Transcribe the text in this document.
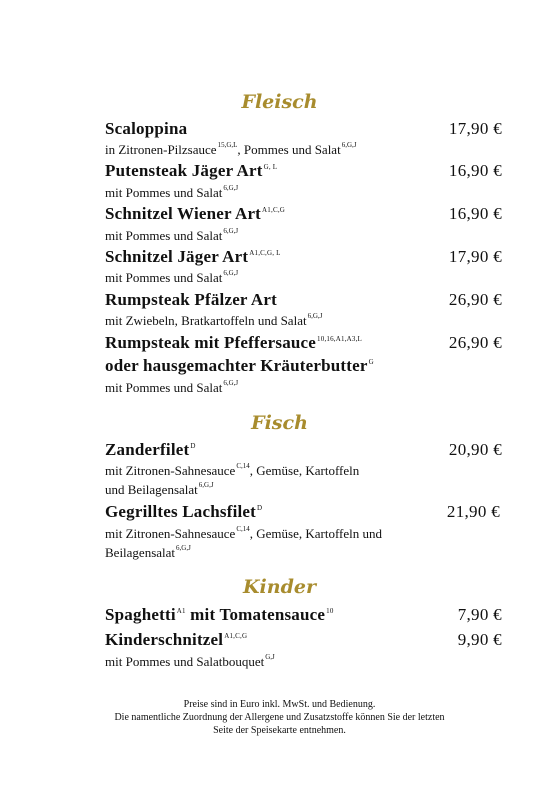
Fleisch
Scaloppina	17,90 €
in Zitronen-Pilzsauce$^{15,G,L}$, Pommes und Salat$^{6,G,J}$
Putensteak Jäger Art$^{G, L}$	16,90 €
mit Pommes und Salat$^{6,G,J}$
Schnitzel Wiener Art$^{A1,C,G}$	16,90 €
mit Pommes und Salat$^{6,G,J}$
Schnitzel Jäger Art$^{A1,C,G, L}$	17,90 €
mit Pommes und Salat$^{6,G,J}$
Rumpsteak Pfälzer Art	26,90 €
mit Zwiebeln, Bratkartoffeln und Salat$^{6,G,J}$
Rumpsteak mit Pfeffersauce$^{10,16,A1,A3,L}$	26,90 €
oder hausgemachter Kräuterbutter$^G$
mit Pommes und Salat$^{6,G,J}$
Fisch
Zanderfilet$^D$	20,90 €
mit Zitronen-Sahnesauce$^{C,14}$, Gemüse, Kartoffeln
und Beilagensalat$^{6,G,J}$
Gegrilltes Lachsfilet$^D$	21,90 €
mit Zitronen-Sahnesauce$^{C,14}$, Gemüse, Kartoffeln und
Beilagensalat$^{6,G,J}$
Kinder
Spaghetti$^{A1}$ mit Tomatensauce$^{10}$	7,90 €
Kinderschnitzel$^{A1,C,G}$	9,90 €
mit Pommes und Salatbouquet$^{G,J}$
Preise sind in Euro inkl. MwSt. und Bedienung.
Die namentliche Zuordnung der Allergene und Zusatzstoffe können Sie der letzten
Seite der Speisekarte entnehmen.
